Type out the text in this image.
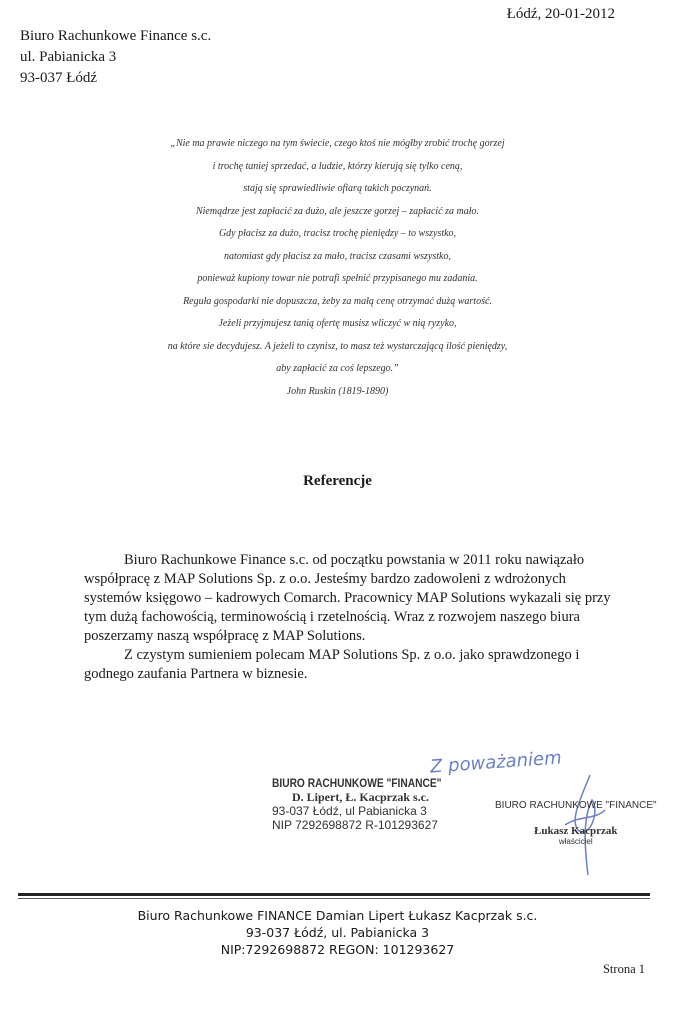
Łódź, 20-01-2012
Biuro Rachunkowe Finance s.c.
ul. Pabianicka 3
93-037 Łódź
„Nie ma prawie niczego na tym świecie, czego ktoś nie mógłby zrobić trochę gorzej
i trochę taniej sprzedać, a ludzie, którzy kierują się tylko ceną,
stają się sprawiedliwie ofiarą takich poczynań.
Niemądrze jest zapłacić za dużo, ale jeszcze gorzej – zapłacić za mało.
Gdy płacisz za dużo, tracisz trochę pieniędzy – to wszystko,
natomiast gdy płacisz za mało, tracisz czasami wszystko,
ponieważ kupiony towar nie potrafi spełnić przypisanego mu zadania.
Reguła gospodarki nie dopuszcza, żeby za małą cenę otrzymać dużą wartość.
Jeżeli przyjmujesz tanią ofertę musisz wliczyć w nią ryzyko,
na które sie decydujesz. A jeżeli to czynisz, to masz też wystarczającą ilość pieniędzy,
aby zapłacić za coś lepszego.”
John Ruskin (1819-1890)
Referencje

Biuro Rachunkowe Finance s.c. od początku powstania w 2011 roku nawiązało współpracę z MAP Solutions Sp. z o.o. Jesteśmy bardzo zadowoleni z wdrożonych systemów księgowo – kadrowych Comarch. Pracownicy MAP Solutions wykazali się przy tym dużą fachowością, terminowością i rzetelnością. Wraz z rozwojem naszego biura poszerzamy naszą współpracę z MAP Solutions.

Z czystym sumieniem polecam MAP Solutions Sp. z o.o. jako sprawdzonego i godnego zaufania Partnera w biznesie.

Z poważaniem
BIURO RACHUNKOWE "FINANCE"
D. Lipert, Ł. Kacprzak s.c.
93-037 Łódź, ul Pabianicka 3
NIP 7292698872 R-101293627
BIURO RACHUNKOWE "FINANCE"
Łukasz Kacprzak
właściciel
Biuro Rachunkowe FINANCE Damian Lipert Łukasz Kacprzak s.c.
93-037 Łódź, ul. Pabianicka 3
NIP:7292698872 REGON: 101293627
Strona 1
